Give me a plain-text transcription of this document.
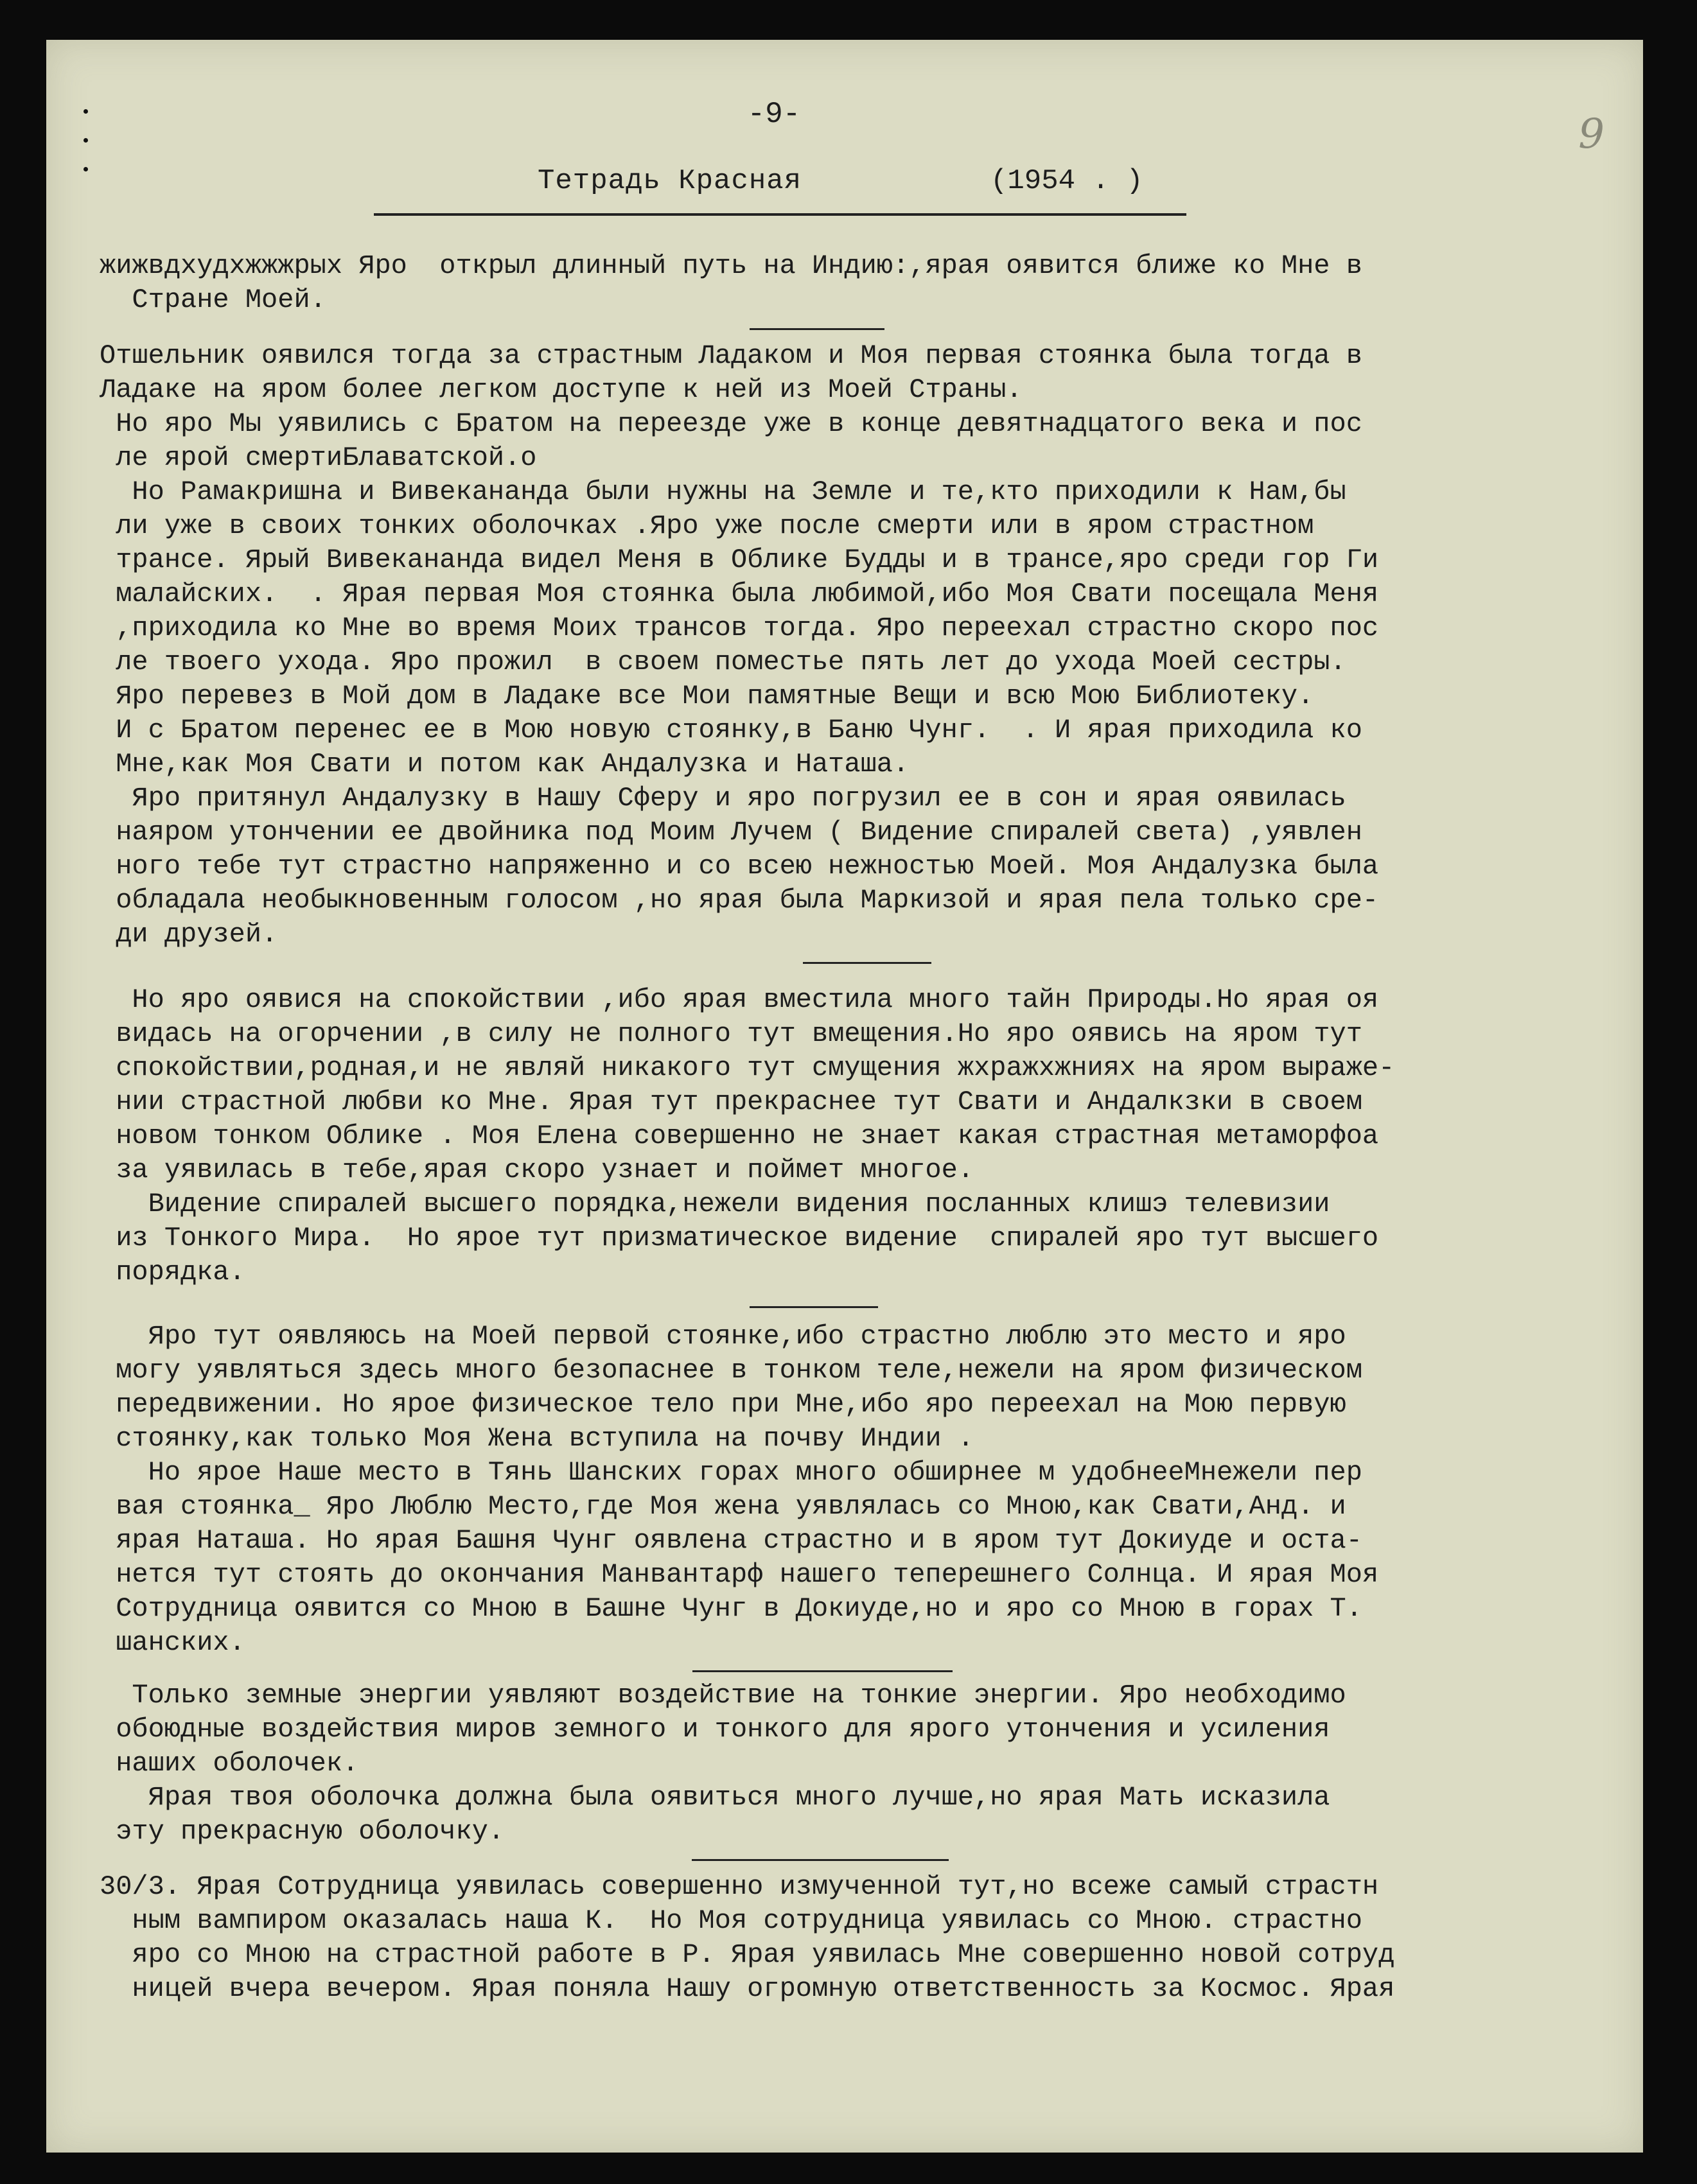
9
-9-
Тетрадь Красная	(1954 . )
жижвдхудхжжжрых Яро  открыл длинный путь на Индию:,ярая оявится ближе ко Мне в
Стране Моей.
Отшельник оявился тогда за страстным Ладаком и Моя первая стоянка была тогда в
Ладаке на яром более легком доступе к ней из Моей Страны.
Но яро Мы уявились с Братом на переезде уже в конце девятнадцатого века и пос
ле ярой смертиБлаватской.о
Но Рамакришна и Вивекананда были нужны на Земле и те,кто приходили к Нам,бы
ли уже в своих тонких оболочках .Яро уже после смерти или в яром страстном
трансе. Ярый Вивекананда видел Меня в Облике Будды и в трансе,яро среди гор Ги
малайских.  . Ярая первая Моя стоянка была любимой,ибо Моя Свати посещала Меня
,приходила ко Мне во время Моих трансов тогда. Яро переехал страстно скоро пос
ле твоего ухода. Яро прожил  в своем поместье пять лет до ухода Моей сестры.
Яро перевез в Мой дом в Ладаке все Мои памятные Вещи и всю Мою Библиотеку.
И с Братом перенес ее в Мою новую стоянку,в Баню Чунг.  . И ярая приходила ко
Мне,как Моя Свати и потом как Андалузка и Наташа.
Яро притянул Андалузку в Нашу Сферу и яро погрузил ее в сон и ярая оявилась
наяром утончении ее двойника под Моим Лучем ( Видение спиралей света) ,уявлен
ного тебе тут страстно напряженно и со всею нежностью Моей. Моя Андалузка была
обладала необыкновенным голосом ,но ярая была Маркизой и ярая пела только сре-
ди друзей.
Но яро оявися на спокойствии ,ибо ярая вместила много тайн Природы.Но ярая оя
видась на огорчении ,в силу не полного тут вмещения.Но яро оявись на яром тут
спокойствии,родная,и не являй никакого тут смущения жхражхжниях на яром выраже-
нии страстной любви ко Мне. Ярая тут прекраснее тут Свати и Андалкзки в своем
новом тонком Облике . Моя Елена совершенно не знает какая страстная метаморфоа
за уявилась в тебе,ярая скоро узнает и поймет многое.
Видение спиралей высшего порядка,нежели видения посланных клишэ телевизии
из Тонкого Мира.  Но ярое тут призматическое видение  спиралей яро тут высшего
порядка.
Яро тут оявляюсь на Моей первой стоянке,ибо страстно люблю это место и яро
могу уявляться здесь много безопаснее в тонком теле,нежели на яром физическом
передвижении. Но ярое физическое тело при Мне,ибо яро переехал на Мою первую
стоянку,как только Моя Жена вступила на почву Индии .
Но ярое Наше место в Тянь Шанских горах много обширнее м удобнееМнежели пер
вая стоянка_ Яро Люблю Место,где Моя жена уявлялась со Мною,как Свати,Анд. и
ярая Наташа. Но ярая Башня Чунг оявлена страстно и в яром тут Докиуде и оста-
нется тут стоять до окончания Манвантарф нашего теперешнего Солнца. И ярая Моя
Сотрудница оявится со Мною в Башне Чунг в Докиуде,но и яро со Мною в горах Т.
шанских.
Только земные энергии уявляют воздействие на тонкие энергии. Яро необходимо
обоюдные воздействия миров земного и тонкого для ярого утончения и усиления
наших оболочек.
Ярая твоя оболочка должна была оявиться много лучше,но ярая Мать исказила
эту прекрасную оболочку.
30/3. Ярая Сотрудница уявилась совершенно измученной тут,но всеже самый страстн
ным вампиром оказалась наша К.  Но Моя сотрудница уявилась со Мною. страстно
яро со Мною на страстной работе в Р. Ярая уявилась Мне совершенно новой сотруд
ницей вчера вечером. Ярая поняла Нашу огромную ответственность за Космос. Ярая
